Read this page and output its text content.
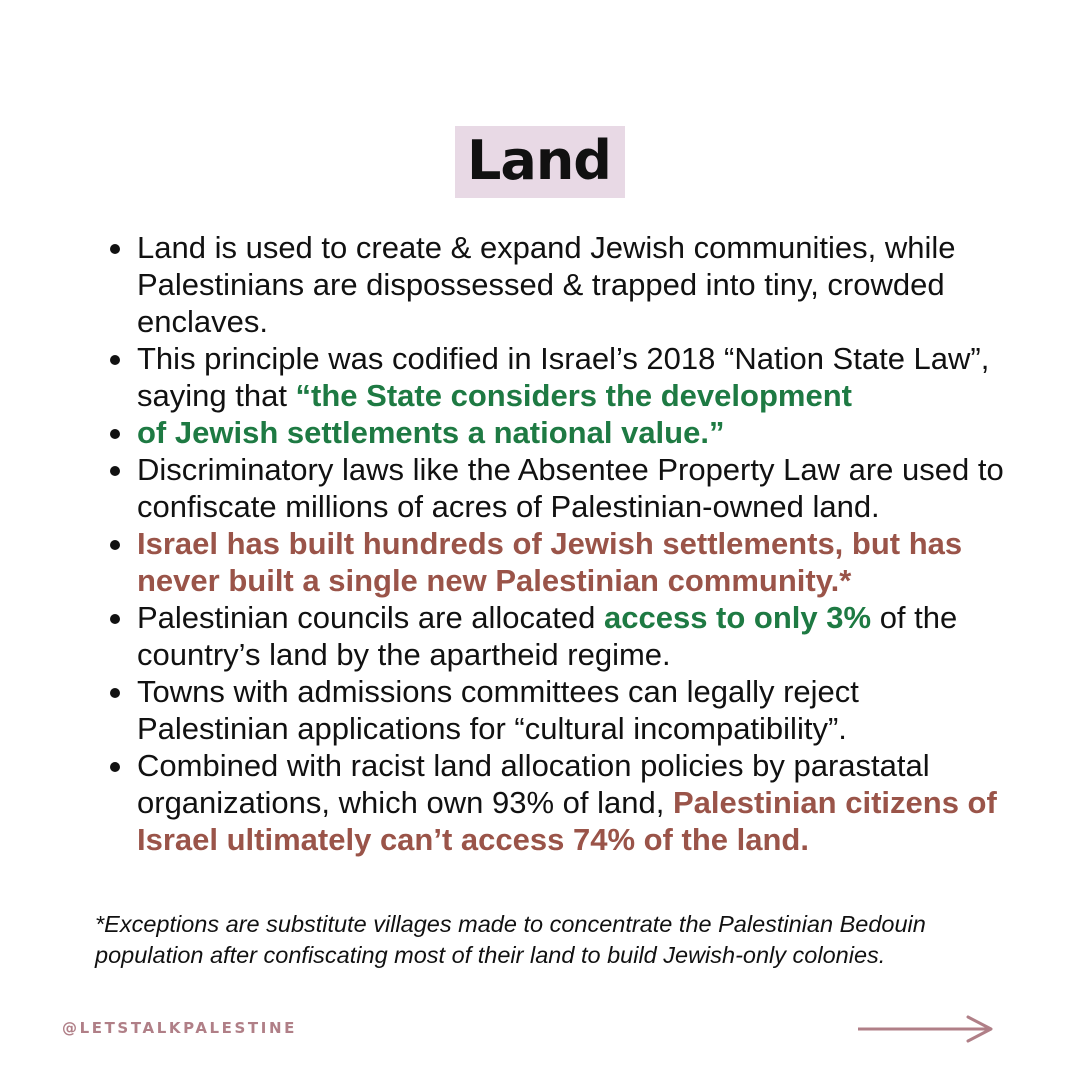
Land
Land is used to create & expand Jewish communities, while Palestinians are dispossessed & trapped into tiny, crowded enclaves.
This principle was codified in Israel’s 2018 “Nation State Law”, saying that “the State considers the development
of Jewish settlements a national value.”
Discriminatory laws like the Absentee Property Law are used to confiscate millions of acres of Palestinian-owned land.
Israel has built hundreds of Jewish settlements, but has never built a single new Palestinian community.*
Palestinian councils are allocated access to only 3% of the country’s land by the apartheid regime.
Towns with admissions committees can legally reject Palestinian applications for “cultural incompatibility”.
Combined with racist land allocation policies by parastatal organizations, which own 93% of land, Palestinian citizens of Israel ultimately can’t access 74% of the land.
*Exceptions are substitute villages made to concentrate the Palestinian Bedouin population after confiscating most of their land to build Jewish-only colonies.
@LETSTALKPALESTINE
